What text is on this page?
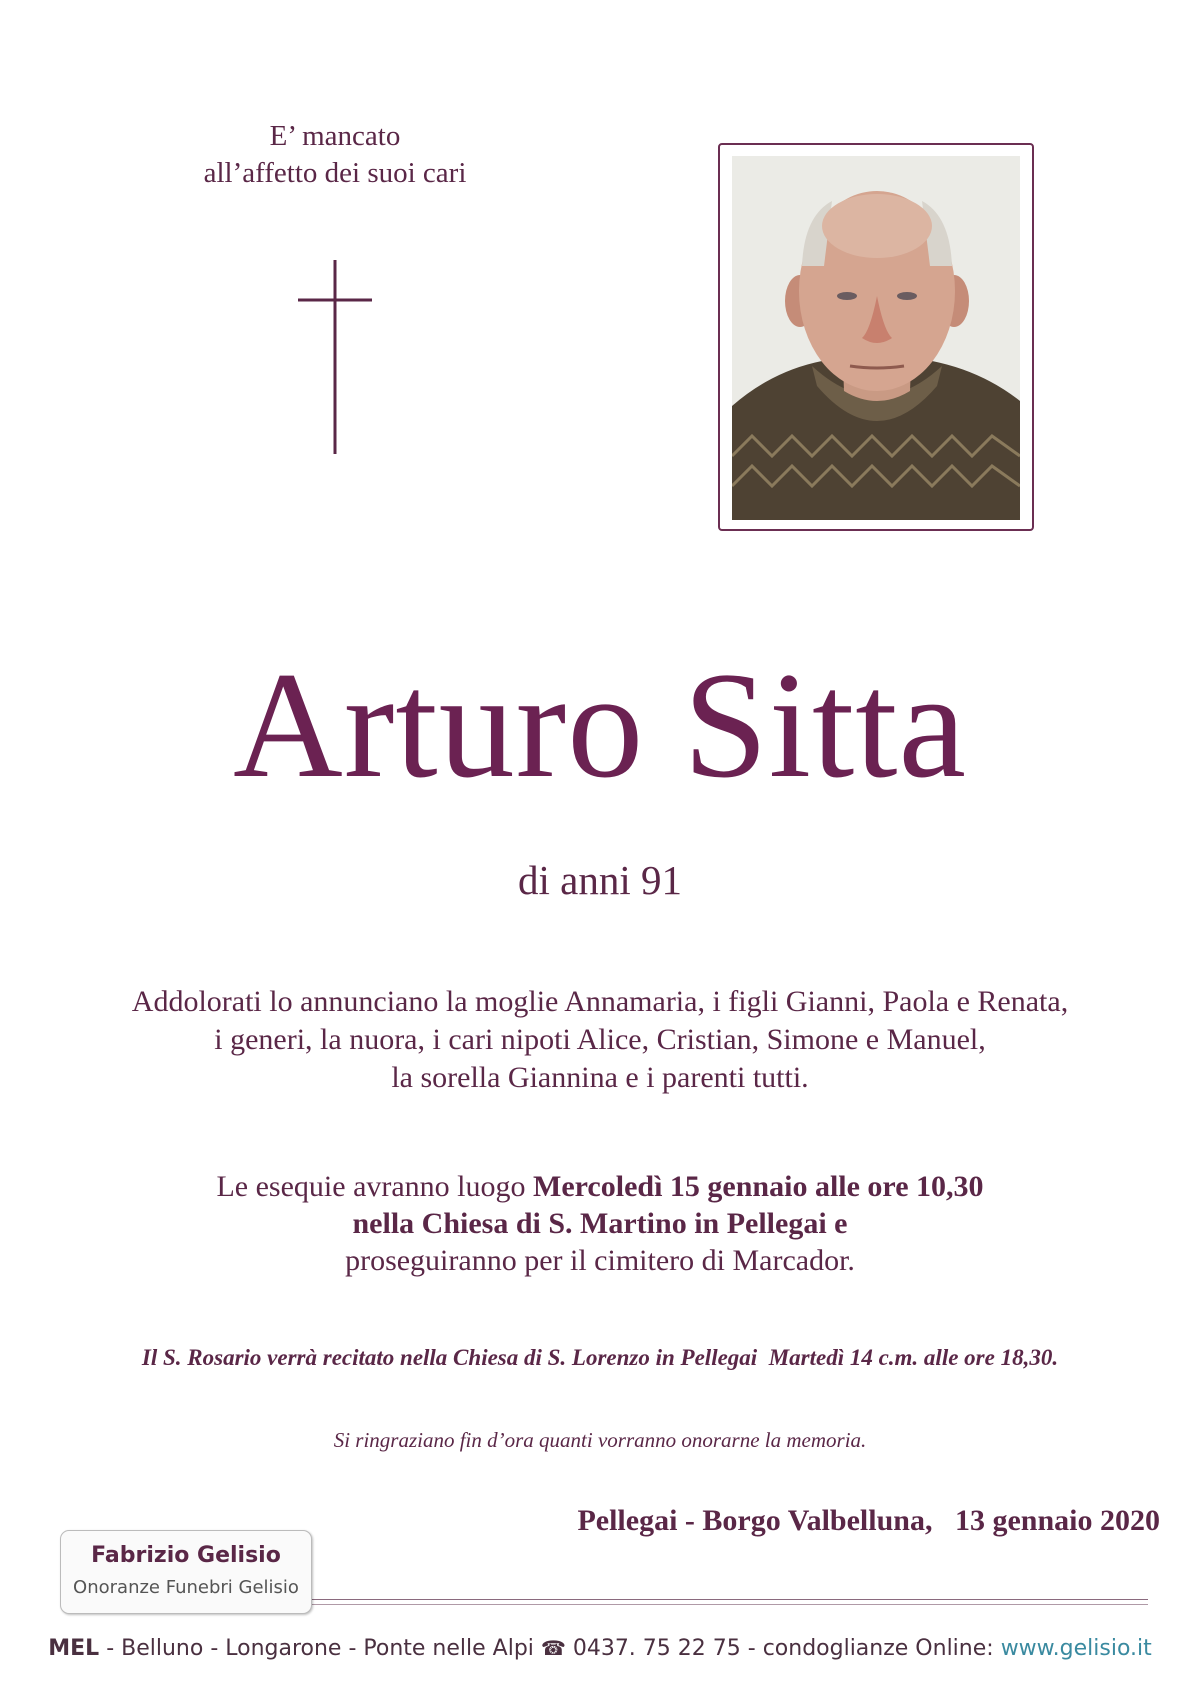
E’ mancato
all’affetto dei suoi cari
Arturo Sitta
di anni 91
Addolorati lo annunciano la moglie Annamaria, i figli Gianni, Paola e Renata,
i generi, la nuora, i cari nipoti Alice, Cristian, Simone e Manuel,
la sorella Giannina e i parenti tutti.
Le esequie avranno luogo Mercoledì 15 gennaio alle ore 10,30
nella Chiesa di S. Martino in Pellegai e
proseguiranno per il cimitero di Marcador.
Il S. Rosario verrà recitato nella Chiesa di S. Lorenzo in Pellegai  Martedì 14 c.m. alle ore 18,30.
Si ringraziano fin d’ora quanti vorranno onorarne la memoria.
Pellegai - Borgo Valbelluna,   13 gennaio 2020
Fabrizio Gelisio
Onoranze Funebri Gelisio
MEL - Belluno - Longarone - Ponte nelle Alpi ☎ 0437. 75 22 75 - condoglianze Online: www.gelisio.it
